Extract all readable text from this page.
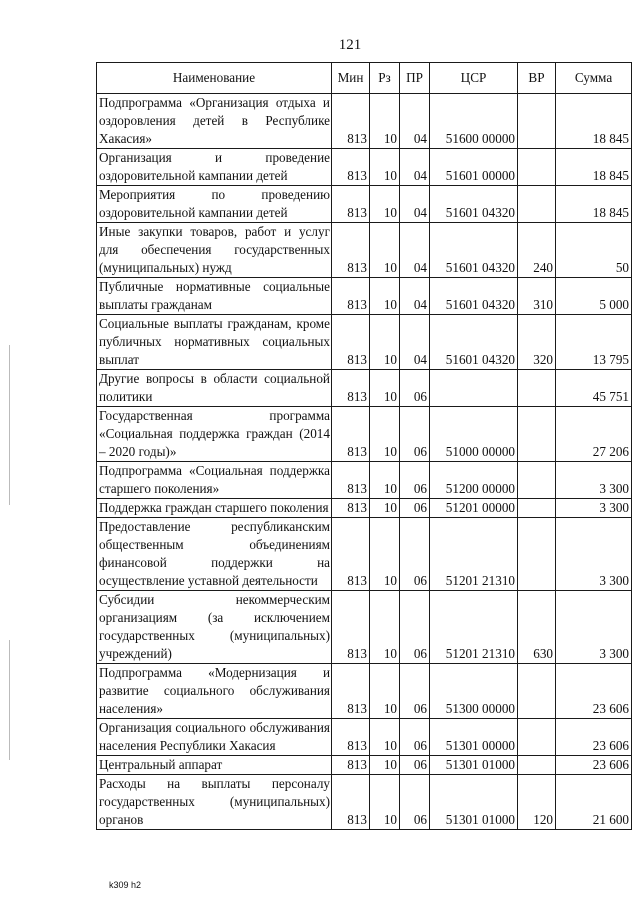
121
Наименование	Мин	Рз	ПР	ЦСР	ВР	Сумма
Подпрограмма «Организация отдыха и оздоровления детей в Республике Хакасия»	813	10	04	51600 00000		18 845
Организация и проведение оздоровительной кампании детей	813	10	04	51601 00000		18 845
Мероприятия по проведению оздоровительной кампании детей	813	10	04	51601 04320		18 845
Иные закупки товаров, работ и услуг для обеспечения государственных (муниципальных) нужд	813	10	04	51601 04320	240	50
Публичные нормативные социальные выплаты гражданам	813	10	04	51601 04320	310	5 000
Социальные выплаты гражданам, кроме публичных нормативных социальных выплат	813	10	04	51601 04320	320	13 795
Другие вопросы в области социальной политики	813	10	06			45 751
Государственная программа «Социальная поддержка граждан (2014 – 2020 годы)»	813	10	06	51000 00000		27 206
Подпрограмма «Социальная поддержка старшего поколения»	813	10	06	51200 00000		3 300
Поддержка граждан старшего поколения	813	10	06	51201 00000		3 300
Предоставление республиканским общественным объединениям финансовой поддержки на осуществление уставной деятельности	813	10	06	51201 21310		3 300
Субсидии некоммерческим организациям (за исключением государственных (муниципальных) учреждений)	813	10	06	51201 21310	630	3 300
Подпрограмма «Модернизация и развитие социального обслуживания населения»	813	10	06	51300 00000		23 606
Организация социального обслуживания населения Республики Хакасия	813	10	06	51301 00000		23 606
Центральный аппарат	813	10	06	51301 01000		23 606
Расходы на выплаты персоналу государственных (муниципальных) органов	813	10	06	51301 01000	120	21 600
k309 h2
